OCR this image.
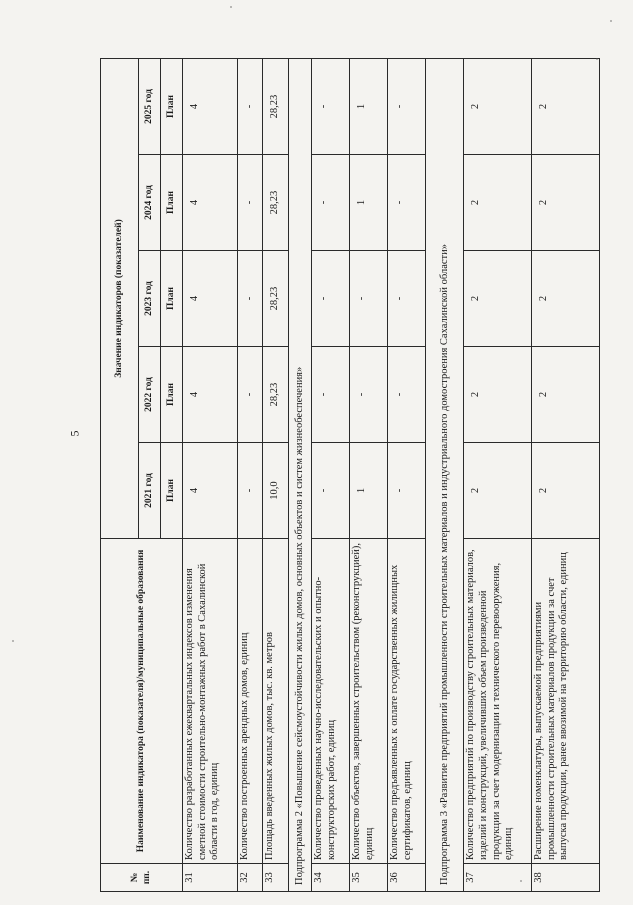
5
№ пп.	Наименование индикатора (показателя)/муниципальные образования	Значение индикаторов (показателей)				
		2021 год	2022 год	2023 год	2024 год	2025 год
		План	План	План	План	План
31	Количество разработанных ежеквартальных индексов изменения сметной стоимости строительно-монтажных работ в Сахалинской области в год, единиц	4	4	4	4	4
32	Количество построенных арендных домов, единиц	-	-	-	-	-
33	Площадь введенных жилых домов, тыс. кв. метров	10,0	28,23	28,23	28,23	28,23
Подпрограмма 2 «Повышение сейсмоустойчивости жилых домов, основных объектов и систем жизнеобеспечения»						
34	Количество проведенных научно-исследовательских и опытно-конструкторских работ, единиц	-	-	-	-	-
35	Количество объектов, завершенных строительством (реконструкцией), единиц	1	-	-	1	1
36	Количество предъявленных к оплате государственных жилищных сертификатов, единиц	-	-	-	-	-
Подпрограмма 3 «Развитие предприятий промышленности строительных материалов и индустриального домостроения Сахалинской области»						
37	Количество предприятий по производству строительных материалов, изделий и конструкций, увеличивших объем произведенной продукции за счет модернизации и технического перевооружения, единиц	2	2	2	2	2
38	Расширение номенклатуры, выпускаемой предприятиями промышленности строительных материалов продукции за счет выпуска продукции, ранее ввозимой на территорию области, единиц	2	2	2	2	2
